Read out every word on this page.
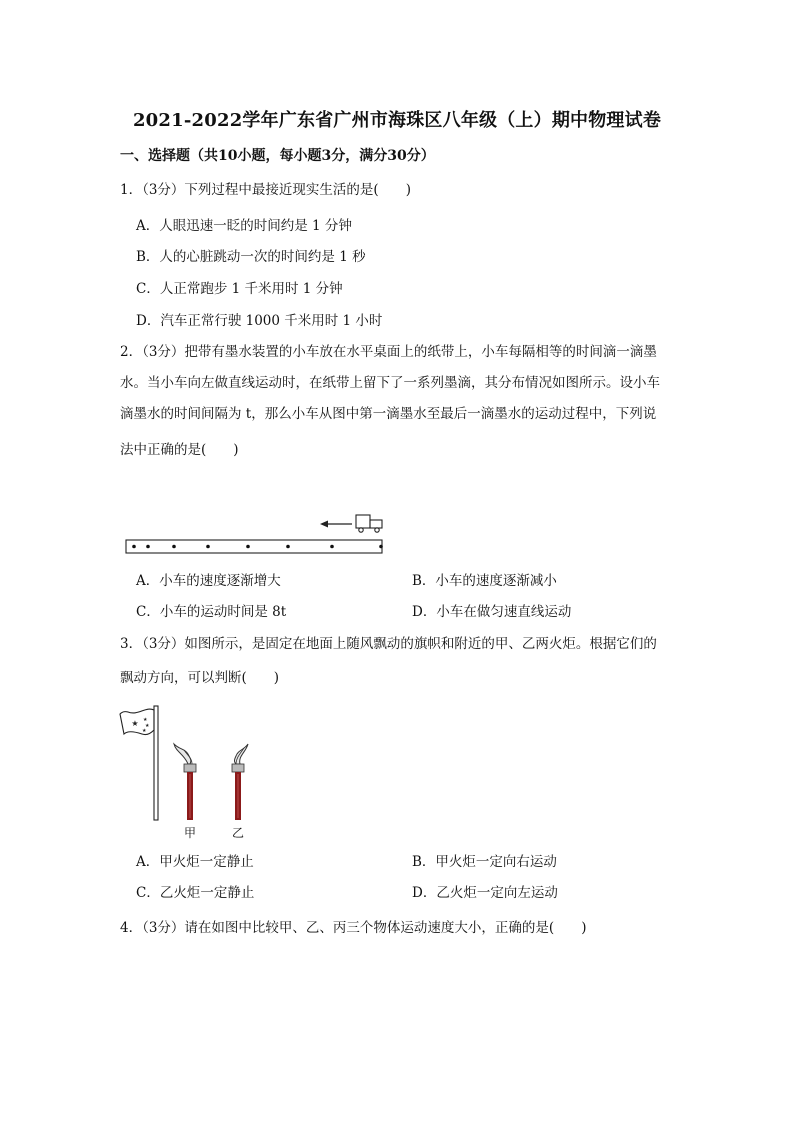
2021-2022学年广东省广州市海珠区八年级（上）期中物理试卷
一、选择题（共10小题，每小题3分，满分30分）
1．（3分）下列过程中最接近现实生活的是(　　)
A．人眼迅速一眨的时间约是 1 分钟
B．人的心脏跳动一次的时间约是 1 秒
C．人正常跑步 1 千米用时 1 分钟
D．汽车正常行驶 1000 千米用时 1 小时
2．（3分）把带有墨水装置的小车放在水平桌面上的纸带上，小车每隔相等的时间滴一滴墨
水。当小车向左做直线运动时，在纸带上留下了一系列墨滴，其分布情况如图所示。设小车
滴墨水的时间间隔为 t，那么小车从图中第一滴墨水至最后一滴墨水的运动过程中，下列说
法中正确的是(　　)
A．小车的速度逐渐增大	B．小车的速度逐渐减小
C．小车的运动时间是 8t	D．小车在做匀速直线运动
3．（3分）如图所示，是固定在地面上随风飘动的旗帜和附近的甲、乙两火炬。根据它们的
飘动方向，可以判断(　　)
★ ★
★
★
甲	乙
A．甲火炬一定静止	B．甲火炬一定向右运动
C．乙火炬一定静止	D．乙火炬一定向左运动
4．（3分）请在如图中比较甲、乙、丙三个物体运动速度大小，正确的是(　　)
